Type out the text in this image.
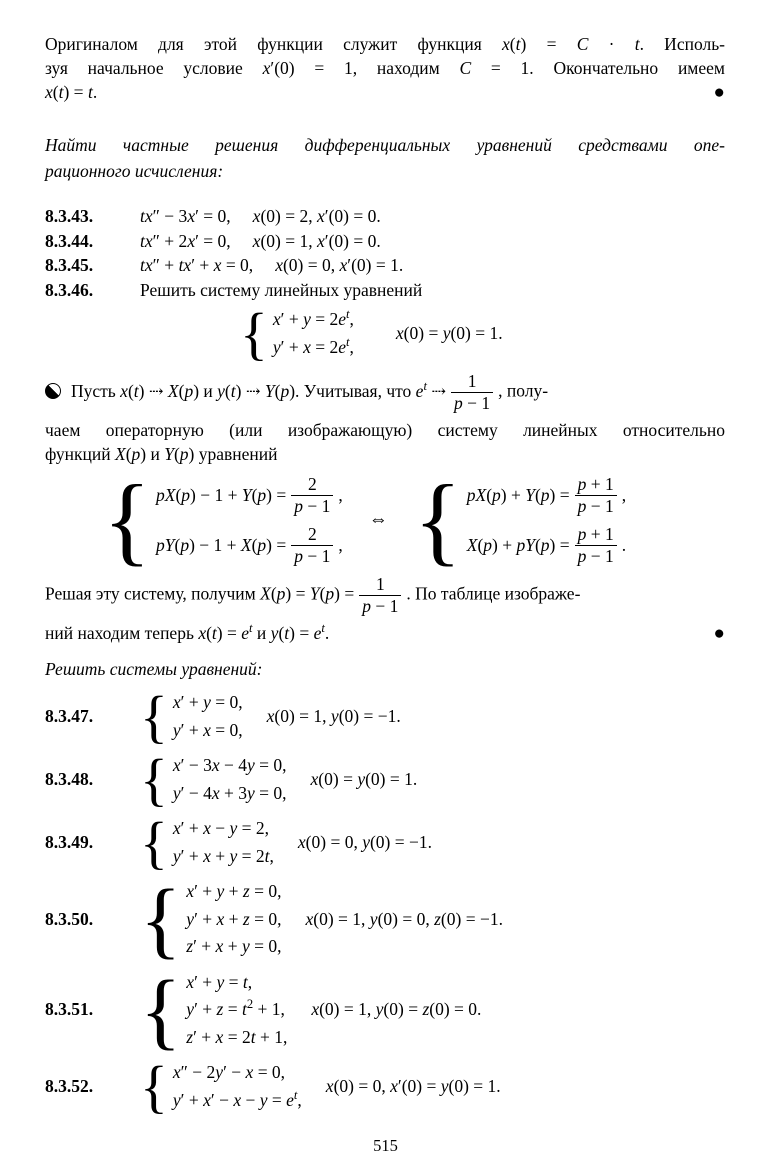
Оригиналом для этой функции служит функция x(t) = C · t. Исполь-
зуя начальное условие x′(0) = 1, находим C = 1. Окончательно имеем
x(t) = t.	●
Найти частные решения дифференциальных уравнений средствами опе-
рационного исчисления:
8.3.43.	tx″ − 3x′ = 0, x(0) = 2, x′(0) = 0.
8.3.44.	tx″ + 2x′ = 0, x(0) = 1, x′(0) = 0.
8.3.45.	tx″ + tx′ + x = 0, x(0) = 0, x′(0) = 1.
8.3.46.	Решить систему линейных уравнений
{ $x' + y = 2e^t$,
$y' + x = 2e^t$,
x(0) = y(0) = 1.
Пусть x(t) ⇢ X(p) и y(t) ⇢ Y(p). Учитывая, что $e^t$ ⇢ $\frac{1}{p - 1}$ , полу-
чаем операторную (или изображающую) систему линейных относительно
функций X(p) и Y(p) уравнений
{ $pX(p) - 1 + Y(p) = \frac{2}{p - 1}$ ,
$pY(p) - 1 + X(p) = \frac{2}{p - 1}$ ,
⇔ { $pX(p) + Y(p) = \frac{p + 1}{p - 1}$ ,
$X(p) + pY(p) = \frac{p + 1}{p - 1}$ .
Решая эту систему, получим $X(p) = Y(p) = \frac{1}{p - 1}$ . По таблице изображе-
ний находим теперь $x(t) = e^t$ и $y(t) = e^t$.	●
Решить системы уравнений:
8.3.47. { x′ + y = 0,
y′ + x = 0,
x(0) = 1, y(0) = −1.
8.3.48. { x′ − 3x − 4y = 0,
y′ − 4x + 3y = 0,
x(0) = y(0) = 1.
8.3.49. { x′ + x − y = 2,
y′ + x + y = 2t,
x(0) = 0, y(0) = −1.
8.3.50. { x′ + y + z = 0,
y′ + x + z = 0,
z′ + x + y = 0,
x(0) = 1, y(0) = 0, z(0) = −1.
8.3.51. { x′ + y = t,
$y' + z = t^2 + 1$,
z′ + x = 2t + 1,
x(0) = 1, y(0) = z(0) = 0.
8.3.52. { x″ − 2y′ − x = 0,
$y' + x' - x - y = e^t$,
x(0) = 0, x′(0) = y(0) = 1.
515
